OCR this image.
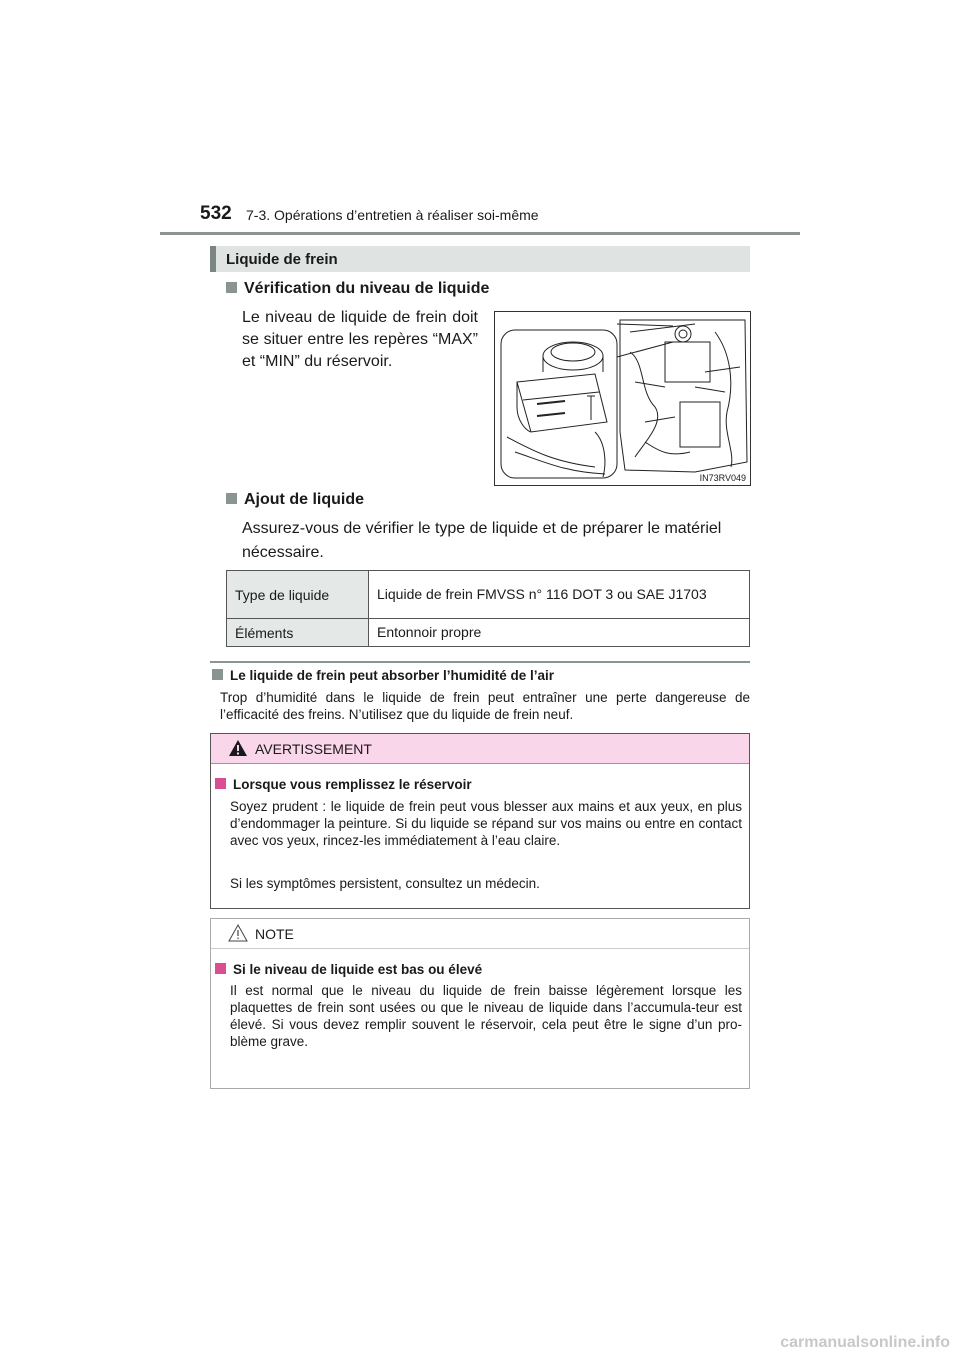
532 7-3. Opérations d’entretien à réaliser soi-même
Liquide de frein
Vérification du niveau de liquide
Le niveau de liquide de frein doit se situer entre les repères “MAX” et “MIN” du réservoir.
IN73RV049
Ajout de liquide
Assurez-vous de vérifier le type de liquide et de préparer le matériel nécessaire.
Type de liquide	Liquide de frein FMVSS n° 116 DOT 3 ou SAE J1703
Éléments	Entonnoir propre
Le liquide de frein peut absorber l’humidité de l’air
Trop d’humidité dans le liquide de frein peut entraîner une perte dangereuse de l’efficacité des freins. N’utilisez que du liquide de frein neuf.
AVERTISSEMENT
Lorsque vous remplissez le réservoir
Soyez prudent : le liquide de frein peut vous blesser aux mains et aux yeux, en plus d’endommager la peinture. Si du liquide se répand sur vos mains ou entre en contact avec vos yeux, rincez-les immédiatement à l’eau claire.
Si les symptômes persistent, consultez un médecin.
NOTE
Si le niveau de liquide est bas ou élevé
Il est normal que le niveau du liquide de frein baisse légèrement lorsque les plaquettes de frein sont usées ou que le niveau de liquide dans l’accumula-teur est élevé. Si vous devez remplir souvent le réservoir, cela peut être le signe d’un pro-blème grave.
carmanualsonline.info
